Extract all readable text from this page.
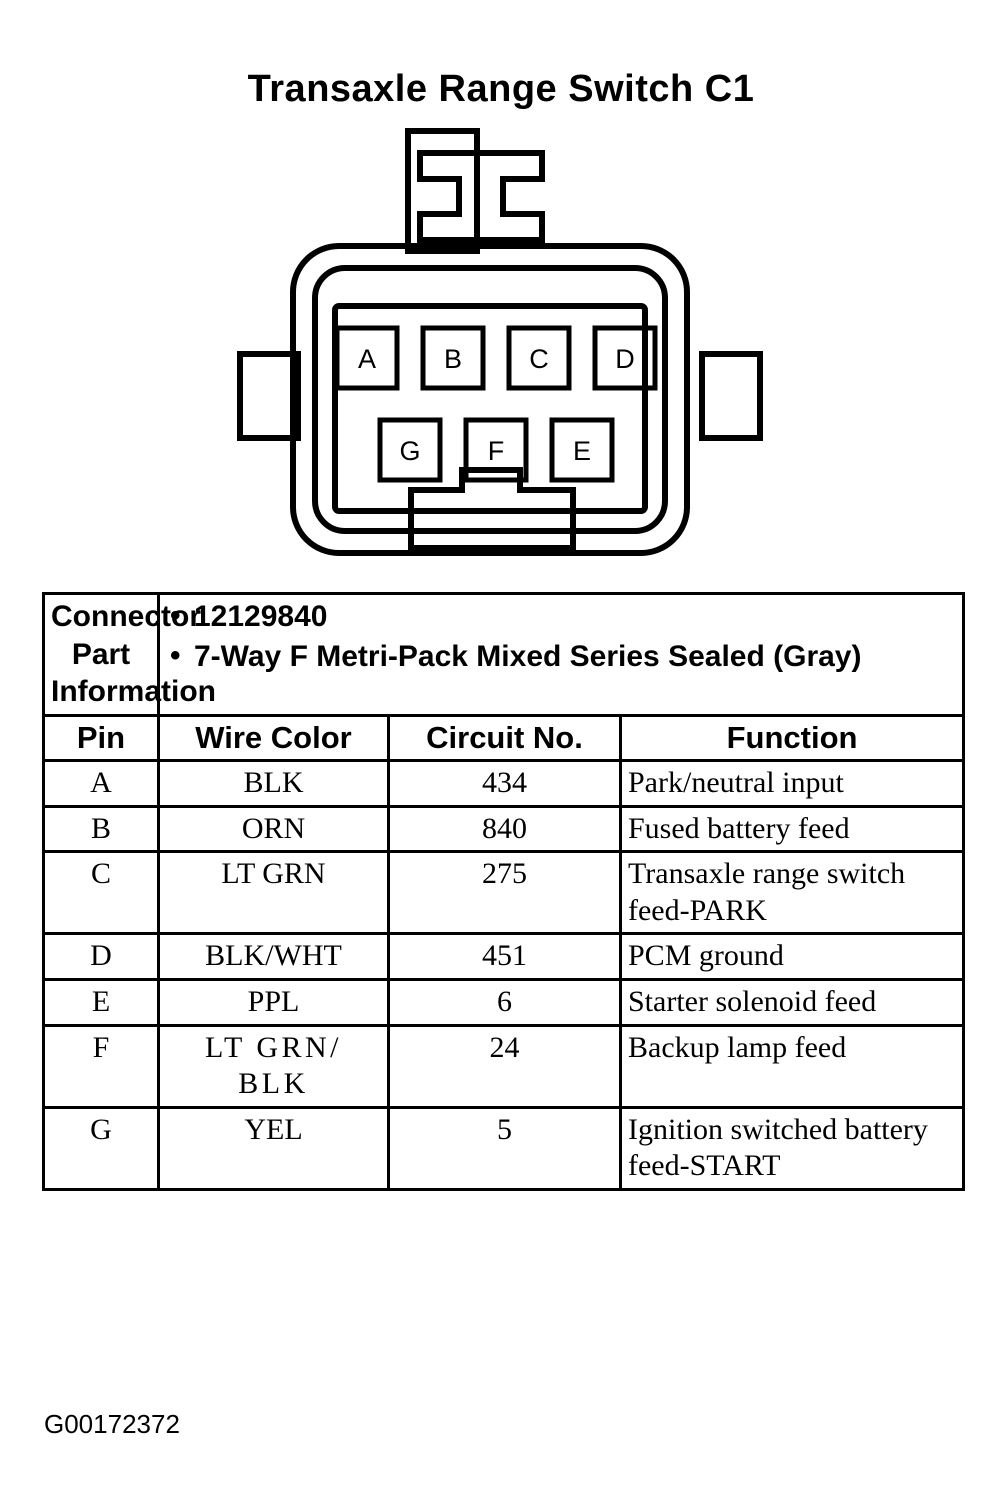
Transaxle Range Switch C1
A	B C D
G F	E
Connector Part Information	
• 12129840
• 7-Way F Metri-Pack Mixed Series Sealed (Gray)

Pin	Wire Color	Circuit No.	Function
A	BLK	434	Park/neutral input
B	ORN	840	Fused battery feed
C	LT GRN	275	Transaxle range switch feed-PARK
D	BLK/WHT	451	PCM ground
E	PPL	6	Starter solenoid feed
F	LT GRN/ BLK	24	Backup lamp feed
G	YEL	5	Ignition switched battery feed-START
G00172372
